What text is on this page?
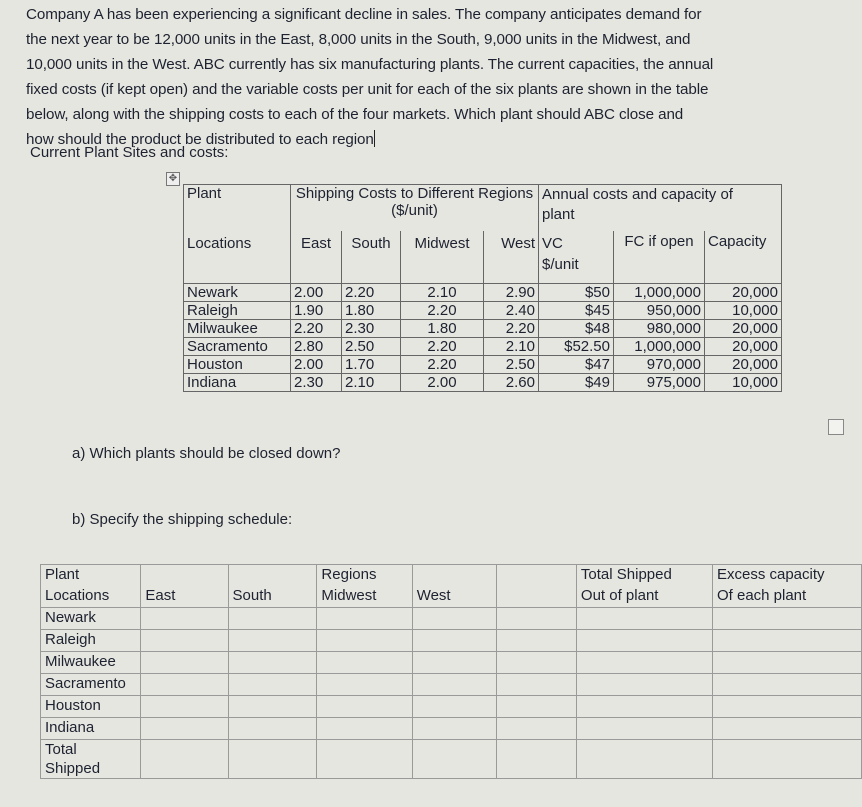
Company A has been experiencing a significant decline in sales. The company anticipates demand for
the next year to be 12,000 units in the East, 8,000 units in the South, 9,000 units in the Midwest, and
10,000 units in the West. ABC currently has six manufacturing plants. The current capacities, the annual
fixed costs (if kept open) and the variable costs per unit for each of the six plants are shown in the table
below, along with the shipping costs to each of the four markets. Which plant should ABC close and
how should the product be distributed to each region
Current Plant Sites and costs:
✥
Plant	Shipping Costs to Different Regions
($/unit)				Annual costs and capacity of
plant		
Locations	East	South	Midwest	West	VC
$/unit	FC if open	Capacity
Newark	2.00	2.20	2.10	2.90	$50	1,000,000	20,000
Raleigh	1.90	1.80	2.20	2.40	$45	950,000	10,000
Milwaukee	2.20	2.30	1.80	2.20	$48	980,000	20,000
Sacramento	2.80	2.50	2.20	2.10	$52.50	1,000,000	20,000
Houston	2.00	1.70	2.20	2.50	$47	970,000	20,000
Indiana	2.30	2.10	2.00	2.60	$49	975,000	10,000
a) Which plants should be closed down?
b) Specify the shipping schedule:
Plant			Regions			Total Shipped	Excess capacity
Locations	East	South	Midwest	West		Out of plant	Of each plant
Newark							
Raleigh							
Milwaukee							
Sacramento							
Houston							
Indiana							
Total
Shipped							
